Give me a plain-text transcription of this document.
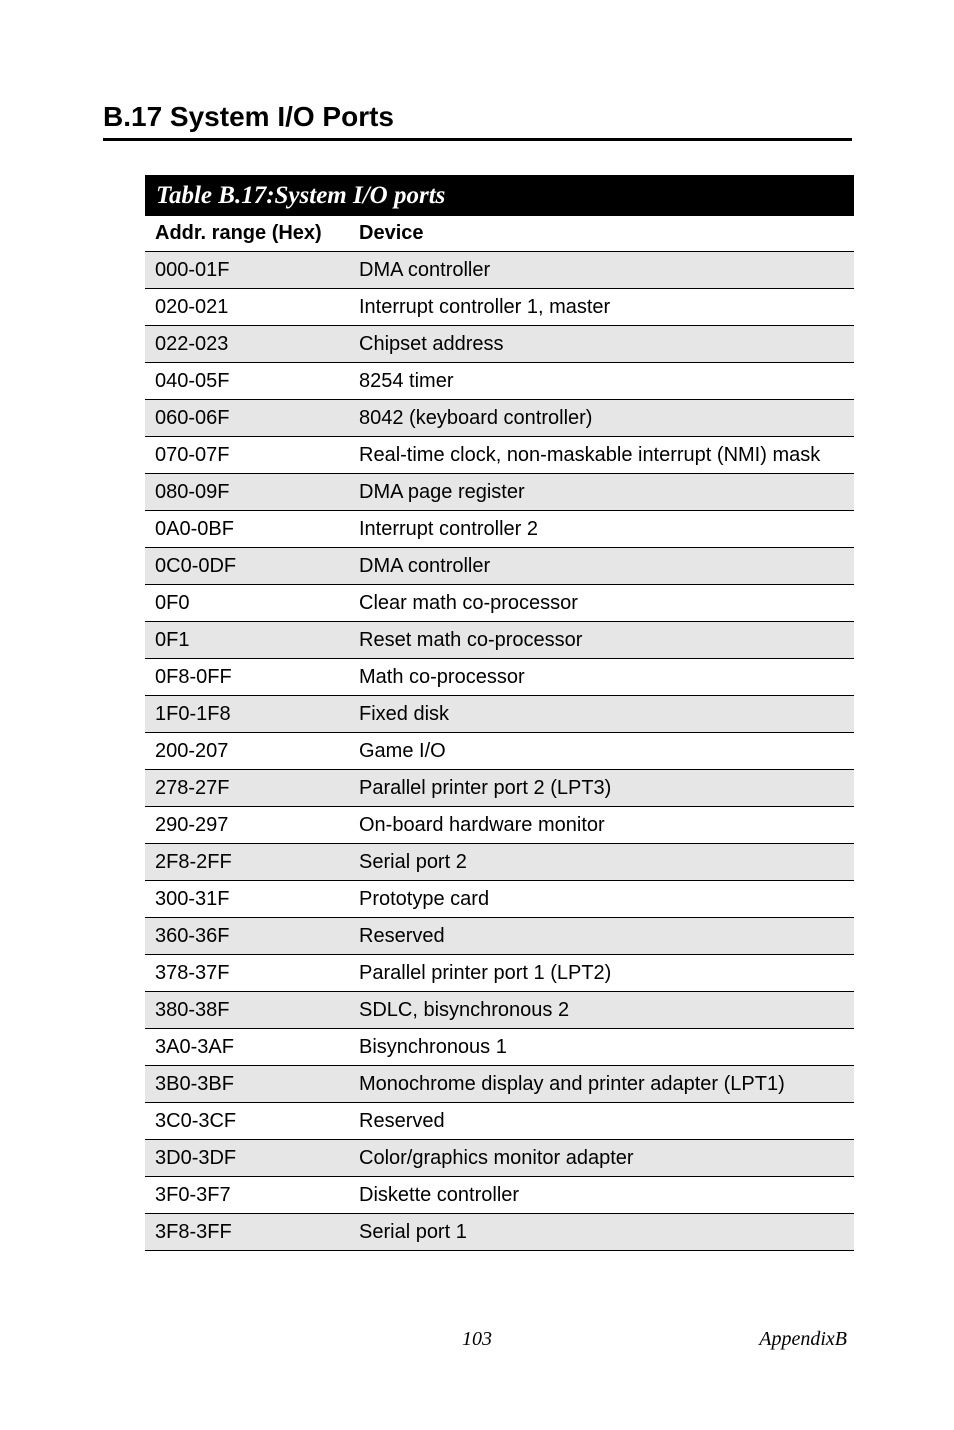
B.17 System I/O Ports
Table B.17:System I/O ports	
Addr. range (Hex)	Device
000-01F	DMA controller
020-021	Interrupt controller 1, master
022-023	Chipset address
040-05F	8254 timer
060-06F	8042 (keyboard controller)
070-07F	Real-time clock, non-maskable interrupt (NMI) mask
080-09F	DMA page register
0A0-0BF	Interrupt controller 2
0C0-0DF	DMA controller
0F0	Clear math co-processor
0F1	Reset math co-processor
0F8-0FF	Math co-processor
1F0-1F8	Fixed disk
200-207	Game I/O
278-27F	Parallel printer port 2 (LPT3)
290-297	On-board hardware monitor
2F8-2FF	Serial port 2
300-31F	Prototype card
360-36F	Reserved
378-37F	Parallel printer port 1 (LPT2)
380-38F	SDLC, bisynchronous 2
3A0-3AF	Bisynchronous 1
3B0-3BF	Monochrome display and printer adapter (LPT1)
3C0-3CF	Reserved
3D0-3DF	Color/graphics monitor adapter
3F0-3F7	Diskette controller
3F8-3FF	Serial port 1
103	AppendixB
